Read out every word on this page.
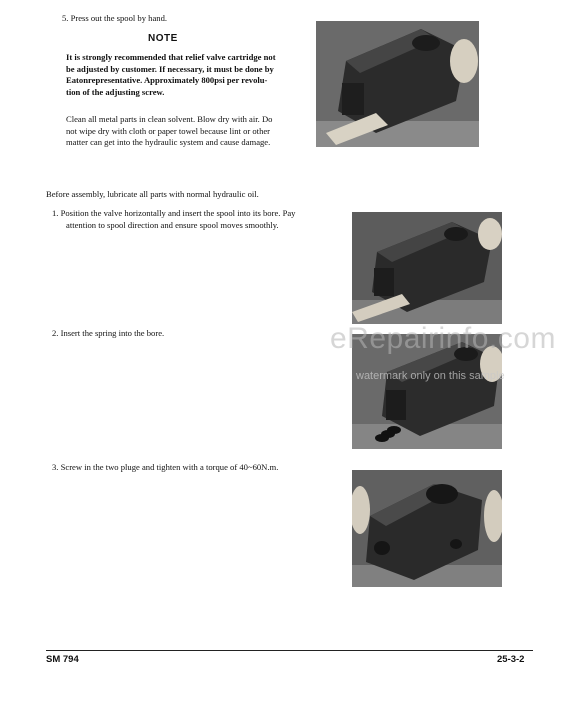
5. Press out the spool by hand.
NOTE
It is strongly recommended that relief valve cartridge not
be adjusted by customer. If necessary, it must be done by
Eatonrepresentative. Approximately 800psi per revolu-
tion of the adjusting screw.
Clean all metal parts in clean solvent. Blow dry with air. Do
not wipe dry with cloth or paper towel because lint or other
matter can get into the hydraulic system and cause damage.
Before assembly, lubricate all parts with normal hydraulic oil.
1. Position the valve horizontally and insert the spool into its bore. Pay
attention to spool direction and ensure spool moves smoothly.
2. Insert the spring into the bore.	eRepairinfo.com
watermark only on this sample
3. Screw in the two pluge and tighten with a torque of 40~60N.m.
SM 794	25-3-2
